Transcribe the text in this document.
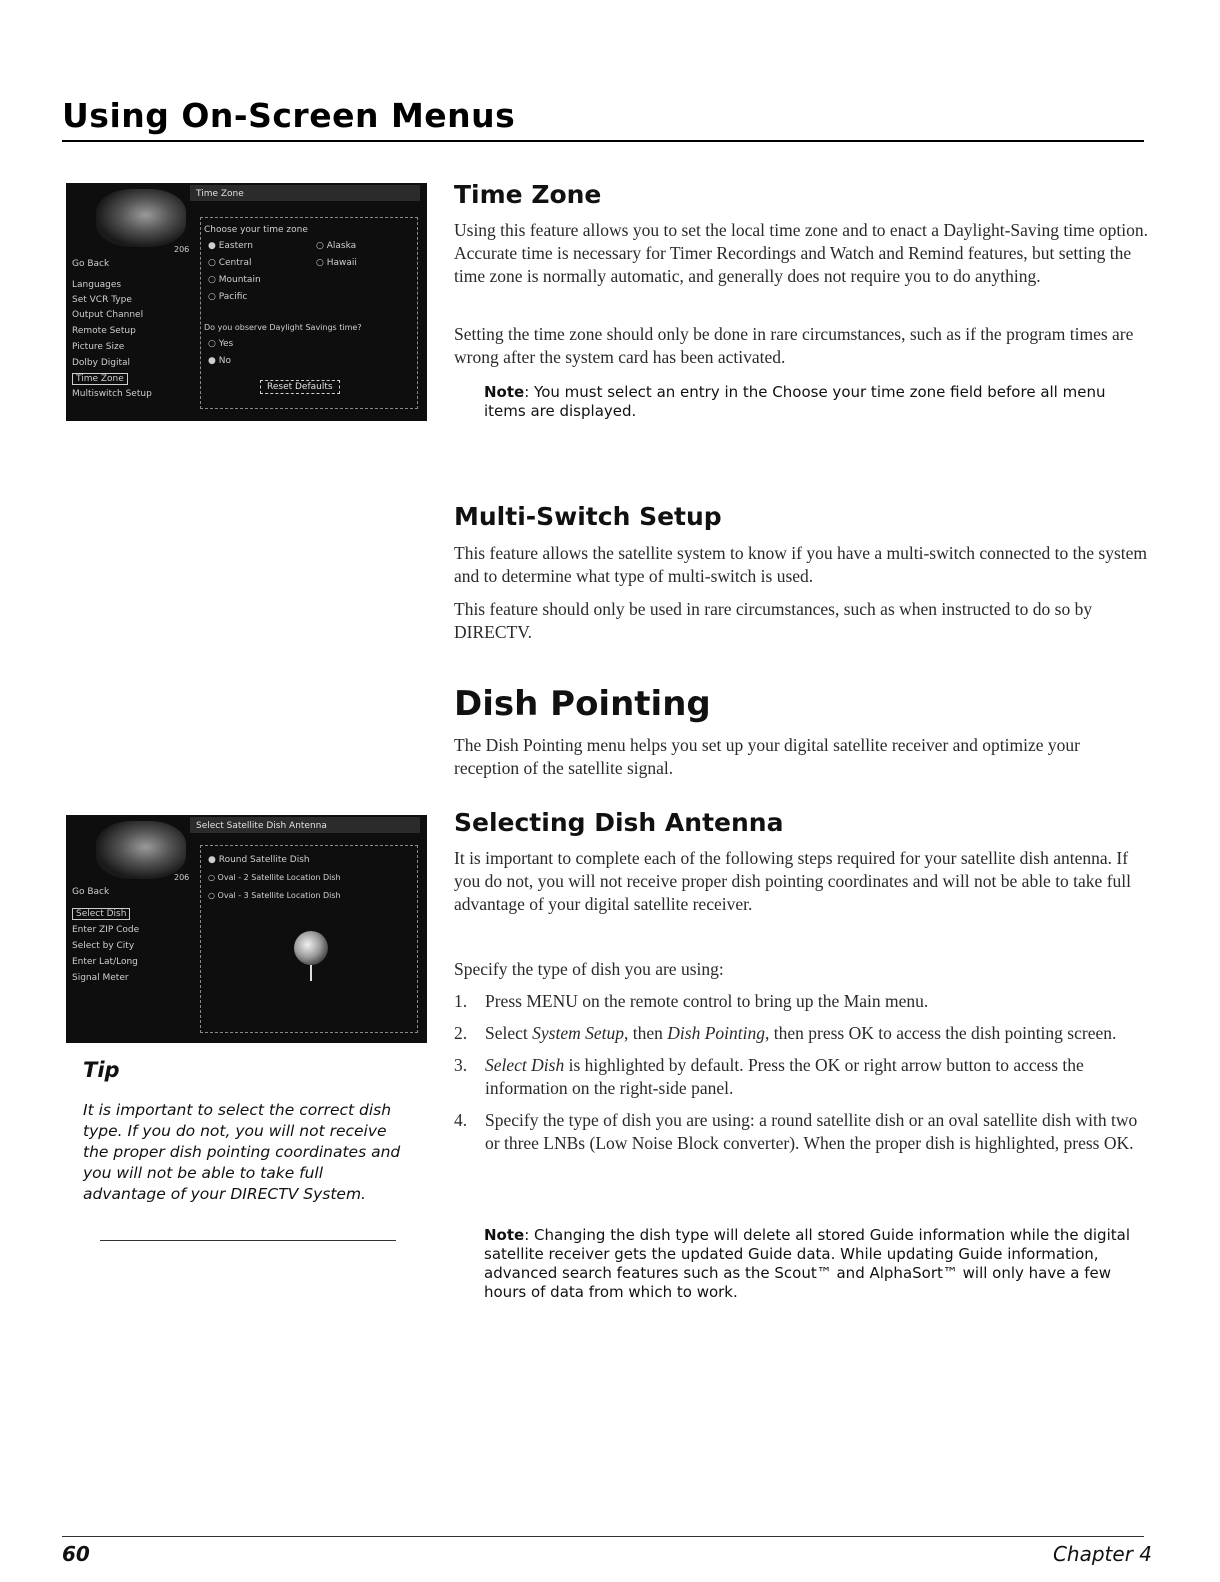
Using On-Screen Menus
Time Zone
206
Go Back
Languages
Set VCR Type
Output Channel
Remote Setup
Picture Size
Dolby Digital
Time Zone
Multiswitch Setup
Choose your time zone
● Eastern
○ Central
○ Mountain
○ Pacific
○ Alaska
○ Hawaii
Do you observe Daylight Savings time?
○ Yes
● No
Reset Defaults
Time Zone

Using this feature allows you to set the local time zone and to enact a Daylight-Saving time option. Accurate time is necessary for Timer Recordings and Watch and Remind features, but setting the time zone is normally automatic, and generally does not require you to do anything.

Setting the time zone should only be done in rare circumstances, such as if the program times are wrong after the system card has been activated.

Note: You must select an entry in the Choose your time zone field before all menu items are displayed.
Multi-Switch Setup

This feature allows the satellite system to know if you have a multi-switch connected to the system and to determine what type of multi-switch is used.

This feature should only be used in rare circumstances, such as when instructed to do so by DIRECTV.

Dish Pointing

The Dish Pointing menu helps you set up your digital satellite receiver and optimize your reception of the satellite signal.

Select Satellite Dish Antenna
206
Go Back
Select Dish
Enter ZIP Code
Select by City
Enter Lat/Long
Signal Meter
● Round Satellite Dish
○ Oval - 2 Satellite Location Dish
○ Oval - 3 Satellite Location Dish
Selecting Dish Antenna

It is important to complete each of the following steps required for your satellite dish antenna. If you do not, you will not receive proper dish pointing coordinates and will not be able to take full advantage of your digital satellite receiver.

Specify the type of dish you are using:

1. Press MENU on the remote control to bring up the Main menu.
2. Select System Setup, then Dish Pointing, then press OK to access the dish pointing screen.
3. Select Dish is highlighted by default. Press the OK or right arrow button to access the information on the right-side panel.
4. Specify the type of dish you are using: a round satellite dish or an oval satellite dish with two or three LNBs (Low Noise Block converter). When the proper dish is highlighted, press OK.
Note: Changing the dish type will delete all stored Guide information while the digital satellite receiver gets the updated Guide data. While updating Guide information, advanced search features such as the Scout™ and AlphaSort™ will only have a few hours of data from which to work.
Tip
It is important to select the correct dish type. If you do not, you will not receive the proper dish pointing coordinates and you will not be able to take full advantage of your DIRECTV System.
60	Chapter 4
